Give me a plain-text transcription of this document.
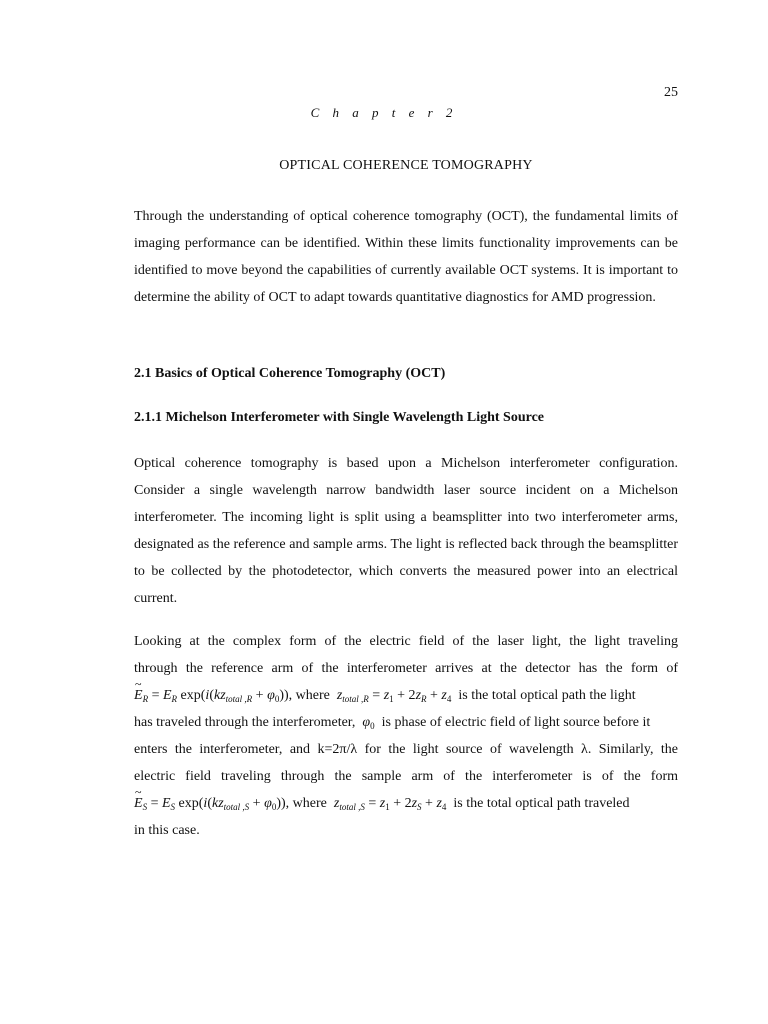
25
C h a p t e r 2
OPTICAL COHERENCE TOMOGRAPHY

Through the understanding of optical coherence tomography (OCT), the fundamental limits of imaging performance can be identified. Within these limits functionality improvements can be identified to move beyond the capabilities of currently available OCT systems. It is important to determine the ability of OCT to adapt towards quantitative diagnostics for AMD progression.

2.1 Basics of Optical Coherence Tomography (OCT)
2.1.1 Michelson Interferometer with Single Wavelength Light Source

Optical coherence tomography is based upon a Michelson interferometer configuration. Consider a single wavelength narrow bandwidth laser source incident on a Michelson interferometer. The incoming light is split using a beamsplitter into two interferometer arms, designated as the reference and sample arms. The light is reflected back through the beamsplitter to be collected by the photodetector, which converts the measured power into an electrical current.

Looking at the complex form of the electric field of the laser light, the light traveling
through the reference arm of the interferometer arrives at the detector has the form of
~ $E_R = E_R$ $\exp(i(kz_{total ,R} + \varphi_0))$, where $z_{total ,R} = z_1 + 2z_R + z_4$ is the total optical path the light
has traveled through the interferometer, $\varphi_0$ is phase of electric field of light source before it
enters the interferometer, and k=2π/λ for the light source of wavelength λ. Similarly, the
electric field traveling through the sample arm of the interferometer is of the form
~ $E_S = E_S$ $\exp(i(kz_{total ,S} + \varphi_0))$, where $z_{total ,S} = z_1 + 2z_S + z_4$ is the total optical path traveled
in this case.
